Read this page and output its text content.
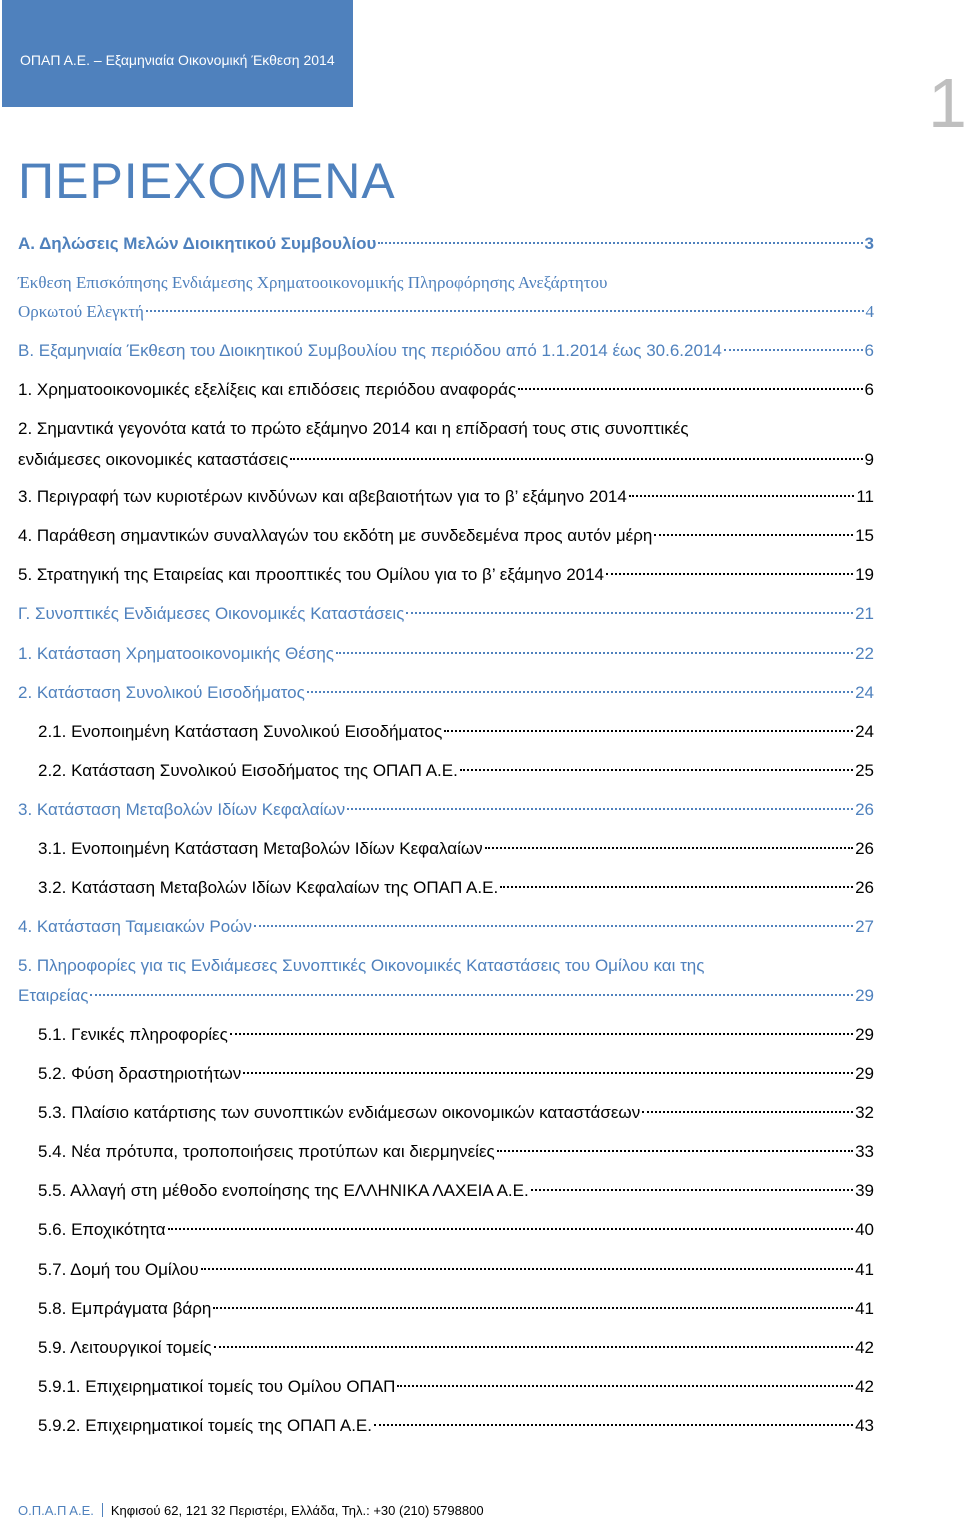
ΟΠΑΠ Α.Ε. – Εξαμηνιαία Οικονομική Έκθεση 2014
1
ΠΕΡΙΕΧΟΜΕΝΑ
Α. Δηλώσεις Μελών Διοικητικού Συμβουλίου	3
Έκθεση Επισκόπησης Ενδιάμεσης Χρηματοοικονομικής Πληροφόρησης Ανεξάρτητου
Ορκωτού Ελεγκτή	4
Β. Εξαμηνιαία Έκθεση του Διοικητικού Συμβουλίου της περιόδου από 1.1.2014 έως 30.6.2014	6
1. Χρηματοοικονομικές εξελίξεις και επιδόσεις περιόδου αναφοράς	6
2. Σημαντικά γεγονότα κατά το πρώτο εξάμηνο 2014 και η επίδρασή τους στις συνοπτικές
ενδιάμεσες οικονομικές καταστάσεις	9
3. Περιγραφή των κυριοτέρων κινδύνων και αβεβαιοτήτων για το β’ εξάμηνο 2014	11
4. Παράθεση σημαντικών συναλλαγών του εκδότη με συνδεδεμένα προς αυτόν μέρη	15
5. Στρατηγική της Εταιρείας και προοπτικές του Ομίλου για το β’ εξάμηνο 2014	19
Γ. Συνοπτικές Ενδιάμεσες Οικονομικές Καταστάσεις	21
1. Κατάσταση Χρηματοοικονομικής Θέσης	22
2. Κατάσταση Συνολικού Εισοδήματος	24
2.1. Ενοποιημένη Κατάσταση Συνολικού Εισοδήματος	24
2.2. Κατάσταση Συνολικού Εισοδήματος της ΟΠΑΠ Α.Ε.	25
3. Κατάσταση Μεταβολών Ιδίων Κεφαλαίων	26
3.1. Ενοποιημένη Κατάσταση Μεταβολών Ιδίων Κεφαλαίων	26
3.2. Κατάσταση Μεταβολών Ιδίων Κεφαλαίων της ΟΠΑΠ Α.Ε.	26
4. Κατάσταση Ταμειακών Ροών	27
5. Πληροφορίες για τις Ενδιάμεσες Συνοπτικές Οικονομικές Καταστάσεις του Ομίλου και της
Εταιρείας	29
5.1. Γενικές πληροφορίες	29
5.2. Φύση δραστηριοτήτων	29
5.3. Πλαίσιο κατάρτισης των συνοπτικών ενδιάμεσων οικονομικών καταστάσεων	32
5.4. Νέα πρότυπα, τροποποιήσεις προτύπων και διερμηνείες	33
5.5. Αλλαγή στη μέθοδο ενοποίησης της ΕΛΛΗΝΙΚΑ ΛΑΧΕΙΑ Α.Ε.	39
5.6. Εποχικότητα	40
5.7. Δομή του Ομίλου	41
5.8. Εμπράγματα βάρη	41
5.9. Λειτουργικοί τομείς	42
5.9.1. Επιχειρηματικοί τομείς του Ομίλου ΟΠΑΠ	42
5.9.2. Επιχειρηματικοί τομείς της ΟΠΑΠ Α.Ε.	43
Ο.Π.Α.Π Α.Ε. Κηφισού 62, 121 32 Περιστέρι, Ελλάδα, Τηλ.: +30 (210) 5798800
